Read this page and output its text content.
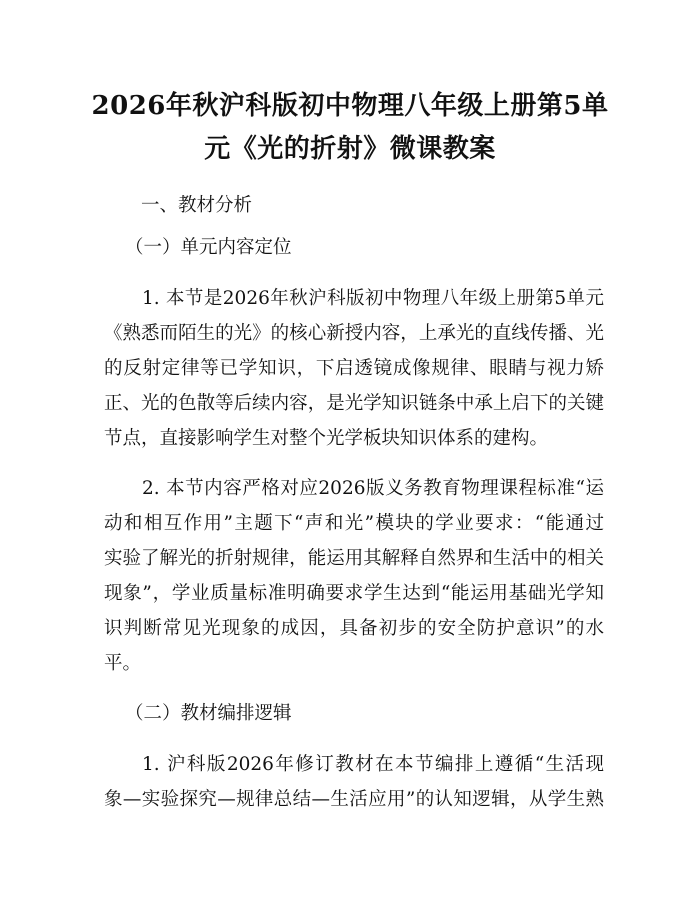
2026年秋沪科版初中物理八年级上册第5单
元《光的折射》微课教案
一、教材分析
（一）单元内容定位
1. 本节是2026年秋沪科版初中物理八年级上册第5单元
《熟悉而陌生的光》的核心新授内容，上承光的直线传播、光
的反射定律等已学知识，下启透镜成像规律、眼睛与视力矫
正、光的色散等后续内容，是光学知识链条中承上启下的关键
节点，直接影响学生对整个光学板块知识体系的建构。
2. 本节内容严格对应2026版义务教育物理课程标准“运
动和相互作用”主题下“声和光”模块的学业要求：“能通过
实验了解光的折射规律，能运用其解释自然界和生活中的相关
现象”，学业质量标准明确要求学生达到“能运用基础光学知
识判断常见光现象的成因，具备初步的安全防护意识”的水
平。
（二）教材编排逻辑
1. 沪科版2026年修订教材在本节编排上遵循“生活现
象—实验探究—规律总结—生活应用”的认知逻辑，从学生熟
